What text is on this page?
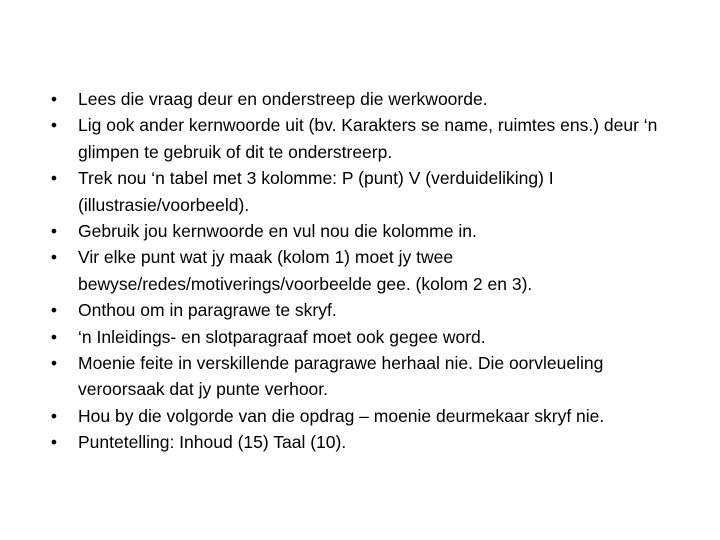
•	Lees die vraag deur en onderstreep die werkwoorde.
•	Lig ook ander kernwoorde uit (bv. Karakters se name, ruimtes ens.) deur ‘n glimpen te gebruik of dit te onderstreerp.
•	Trek nou ‘n tabel met 3 kolomme: P (punt) V (verduideliking) I (illustrasie/voorbeeld).
•	Gebruik jou kernwoorde en vul nou die kolomme in.
•	Vir elke punt wat jy maak (kolom 1) moet jy twee bewyse/redes/motiverings/voorbeelde gee. (kolom 2 en 3).
•	Onthou om in paragrawe te skryf.
•	‘n Inleidings- en slotparagraaf moet ook gegee word.
•	Moenie feite in verskillende paragrawe herhaal nie. Die oorvleueling veroorsaak dat jy punte verhoor.
•	Hou by die volgorde van die opdrag – moenie deurmekaar skryf nie.
•	Puntetelling: Inhoud (15) Taal (10).
